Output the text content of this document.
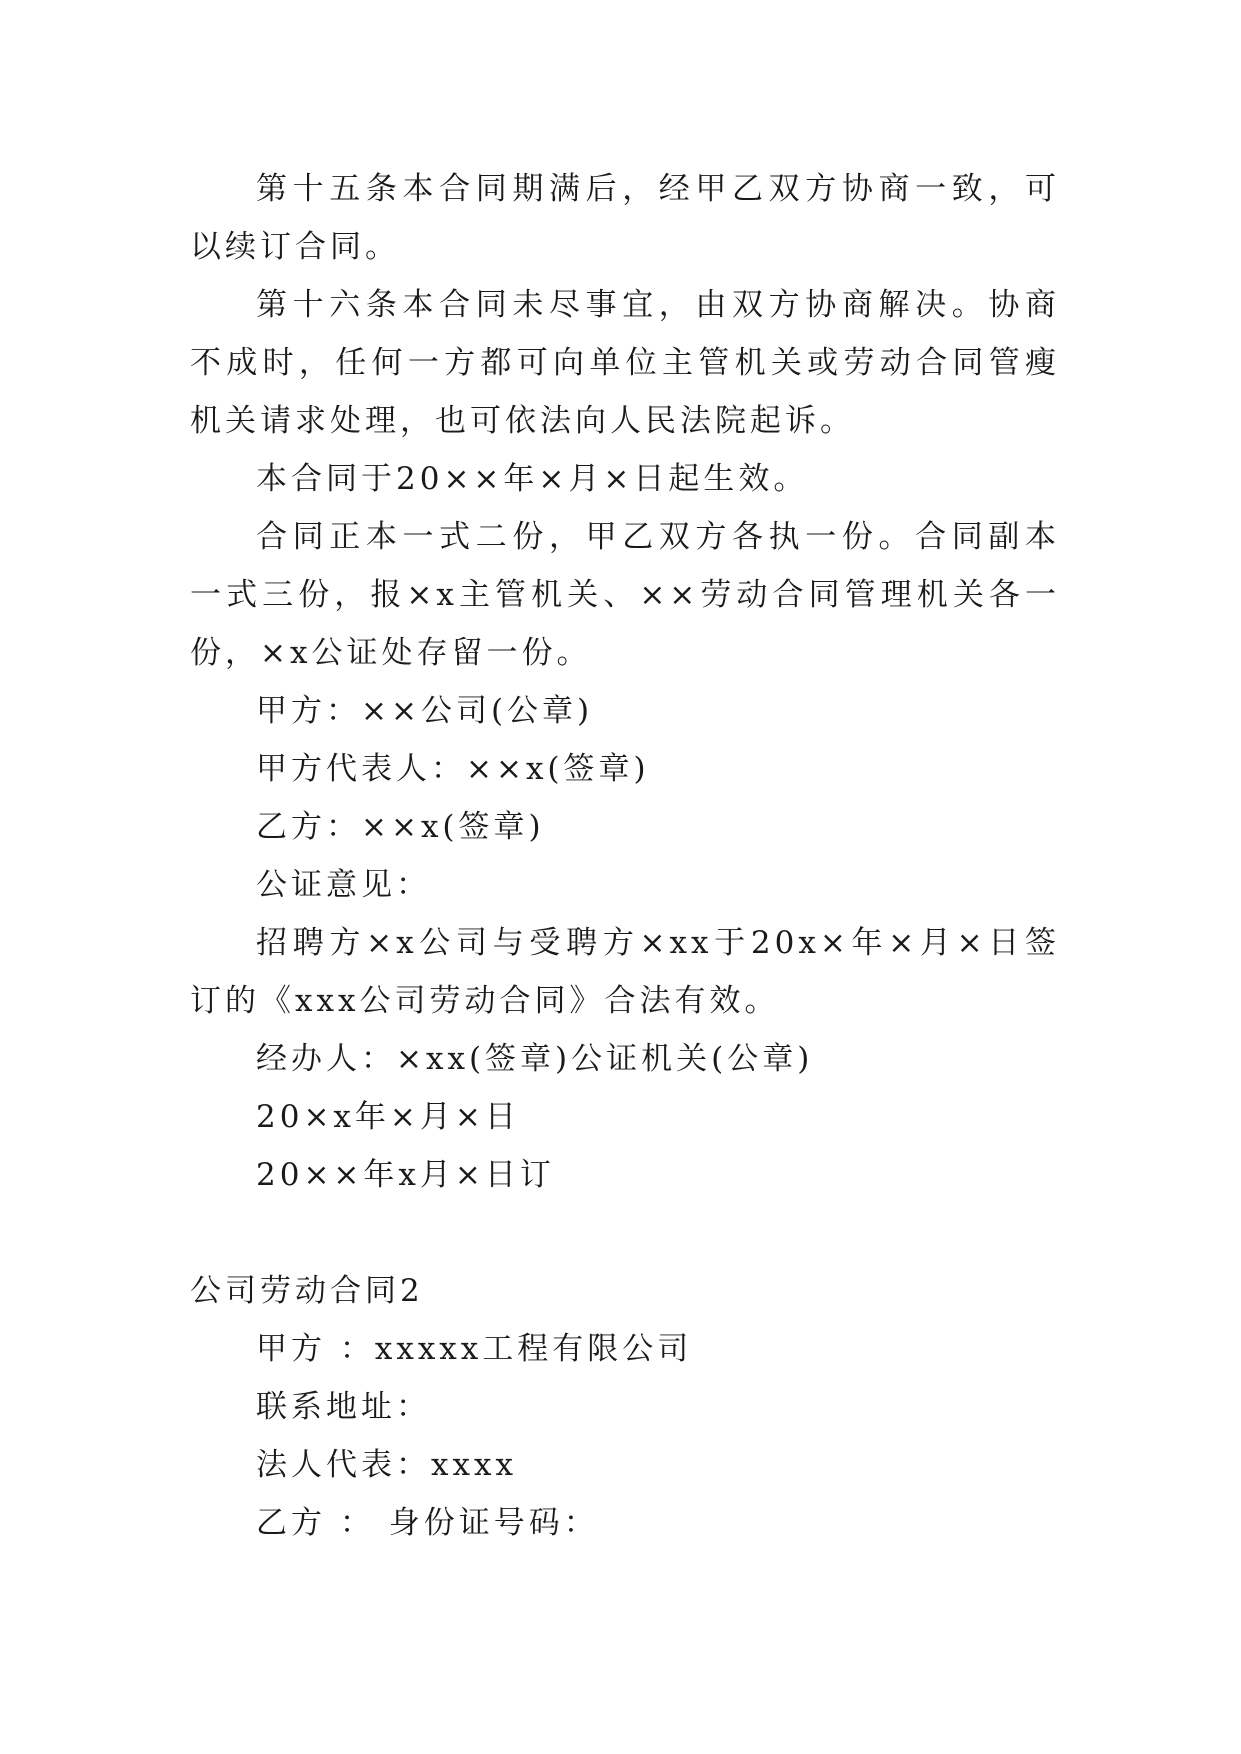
第十五条本合同期满后，经甲乙双方协商一致，可以续订合同。

第十六条本合同未尽事宜，由双方协商解决。协商不成时，任何一方都可向单位主管机关或劳动合同管瘦机关请求处理，也可依法向人民法院起诉。

本合同于20××年×月×日起生效。

合同正本一式二份，甲乙双方各执一份。合同副本一式三份，报×x主管机关、××劳动合同管理机关各一份，×x公证处存留一份。

甲方：××公司(公章)

甲方代表人：××x(签章)

乙方：××x(签章)

公证意见：

招聘方×x公司与受聘方×xx于20x×年×月×日签订的《xxx公司劳动合同》合法有效。

经办人：×xx(签章)公证机关(公章)

20×x年×月×日

20××年x月×日订

公司劳动合同2

甲方 ：xxxxx工程有限公司

联系地址：

法人代表：xxxx

乙方 ： 身份证号码：
